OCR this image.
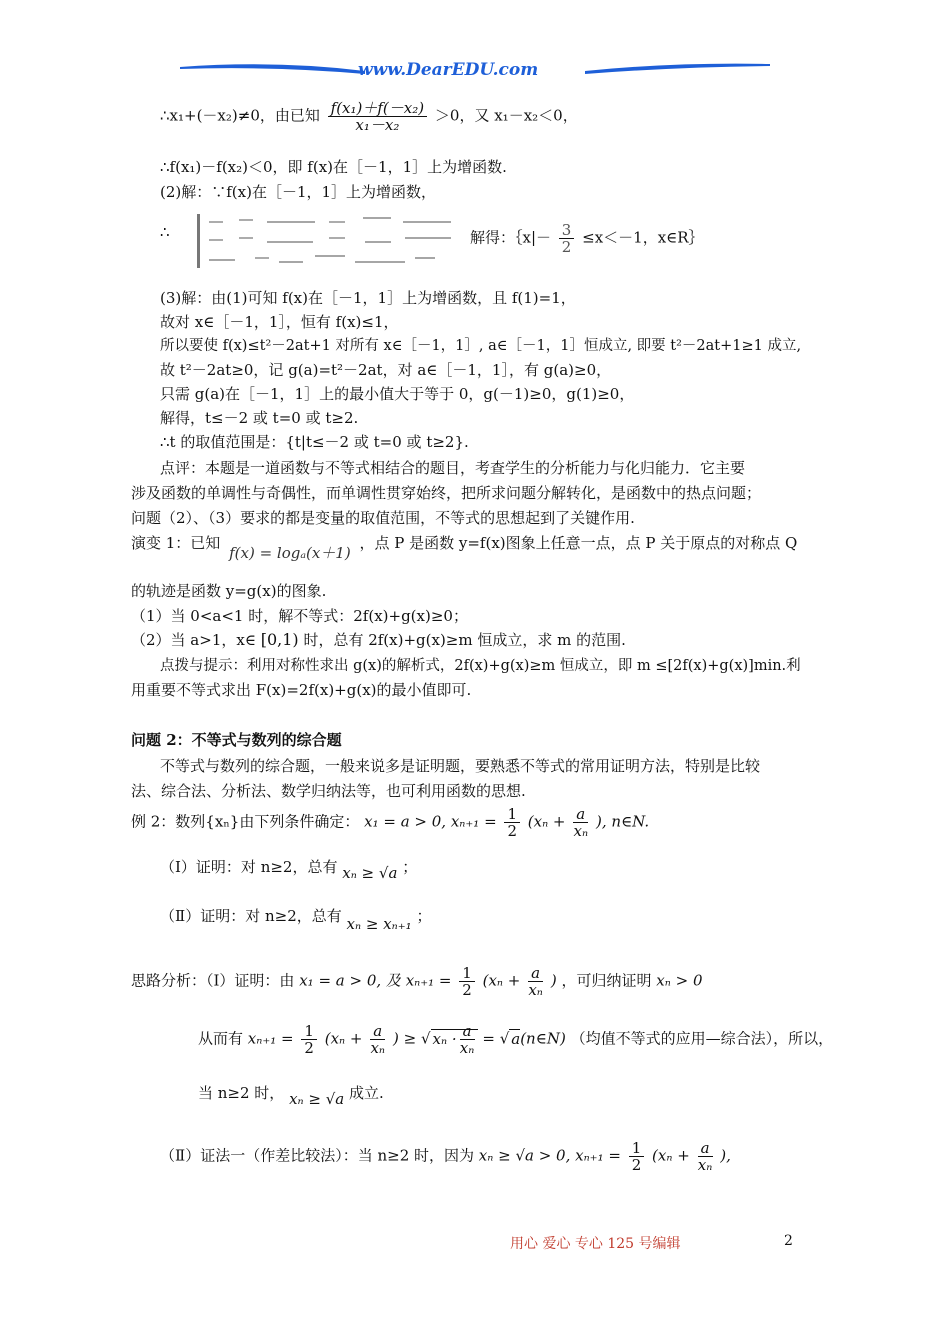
www.DearEDU.com
∴x₁+(－x₂)≠0，由已知 $\frac{\text{f(x₁)＋f(－x₂)}}{\text{x₁－x₂}} >0$，又 x₁－x₂＜0，
∴f(x₁)－f(x₂)＜0，即 f(x)在［－1，1］上为增函数.
(2)解：∵f(x)在［－1，1］上为增函数，
∴	解得：｛x|－ $\frac{3}{2} \le x<-1$，x∈R｝
(3)解：由(1)可知 f(x)在［－1，1］上为增函数，且 f(1)=1，
故对 x∈［－1，1］，恒有 f(x)≤1，
所以要使 f(x)≤t²－2at+1 对所有 x∈［－1，1］, a∈［－1，1］恒成立, 即要 t²－2at+1≥1 成立,
故 t²－2at≥0，记 g(a)=t²－2at，对 a∈［－1，1］，有 g(a)≥0，
只需 g(a)在［－1，1］上的最小值大于等于 0，g(－1)≥0，g(1)≥0，
解得，t≤－2 或 t=0 或 t≥2.
∴t 的取值范围是：{t|t≤－2 或 t=0 或 t≥2}.
点评：本题是一道函数与不等式相结合的题目，考查学生的分析能力与化归能力．它主要
涉及函数的单调性与奇偶性，而单调性贯穿始终，把所求问题分解转化，是函数中的热点问题；
问题（2）、（3）要求的都是变量的取值范围，不等式的思想起到了关键作用.
演变 1：已知 f(x) = logₐ(x＋1) ，点 P 是函数 y=f(x)图象上任意一点，点 P 关于原点的对称点 Q
的轨迹是函数 y=g(x)的图象.
（1）当 0<a<1 时，解不等式：2f(x)+g(x)≥0；
（2）当 a>1，x∈ [0,1) 时，总有 2f(x)+g(x)≥m 恒成立，求 m 的范围.
点拨与提示：利用对称性求出 g(x)的解析式，2f(x)+g(x)≥m 恒成立，即 m ≤[2f(x)+g(x)]min.利
用重要不等式求出 F(x)=2f(x)+g(x)的最小值即可.
问题 2：不等式与数列的综合题
不等式与数列的综合题，一般来说多是证明题，要熟悉不等式的常用证明方法，特别是比较
法、综合法、分析法、数学归纳法等，也可利用函数的思想.
例 2：数列{xₙ}由下列条件确定： x₁ = a > 0, $x_{n+1} = \frac{1}{2} (x_n + \frac{a}{\text{xₙ}}$ ), n∈N.
（Ⅰ）证明：对 n≥2，总有 xₙ ≥ √a ；
（Ⅱ）证明：对 n≥2，总有 xₙ ≥ xₙ₊₁ ；
思路分析：（Ⅰ）证明：由 x₁ = a > 0, 及 $x_{n+1} = \frac{1}{2} (x_n + \frac{a}{\text{xₙ}}$ ) ，可归纳证明 xₙ > 0
从而有 $x_{n+1} = \frac{1}{2} (x_n + \frac{a}{\text{xₙ}}$ ) ≥ √ $x_n \cdot \frac{a}{\text{xₙ}}$ = √ a(n∈N) （均值不等式的应用—综合法），所以，
当 n≥2 时， xₙ ≥ √a 成立.
（Ⅱ）证法一（作差比较法）：当 n≥2 时，因为 xₙ ≥ √a > 0, $x_{n+1} = \frac{1}{2} (x_n + \frac{a}{\text{xₙ}}$ ),
用心 爱心 专心 125 号编辑	2
